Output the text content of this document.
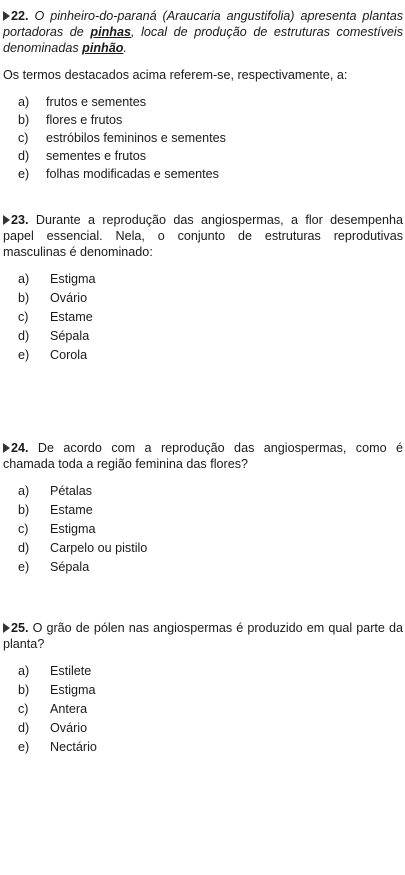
22. O pinheiro-do-paraná (Araucaria angustifolia) apresenta plantas portadoras de pinhas, local de produção de estruturas comestíveis denominadas pinhão.

Os termos destacados acima referem-se, respectivamente, a:

a) frutos e sementes
b) flores e frutos
c) estróbilos femininos e sementes
d) sementes e frutos
e) folhas modificadas e sementes

23. Durante a reprodução das angiospermas, a flor desempenha papel essencial. Nela, o conjunto de estruturas reprodutivas masculinas é denominado:

a) Estigma
b) Ovário
c) Estame
d) Sépala
e) Corola

24. De acordo com a reprodução das angiospermas, como é chamada toda a região feminina das flores?

a) Pétalas
b) Estame
c) Estigma
d) Carpelo ou pistilo
e) Sépala

25. O grão de pólen nas angiospermas é produzido em qual parte da planta?

a) Estilete
b) Estigma
c) Antera
d) Ovário
e) Nectário
